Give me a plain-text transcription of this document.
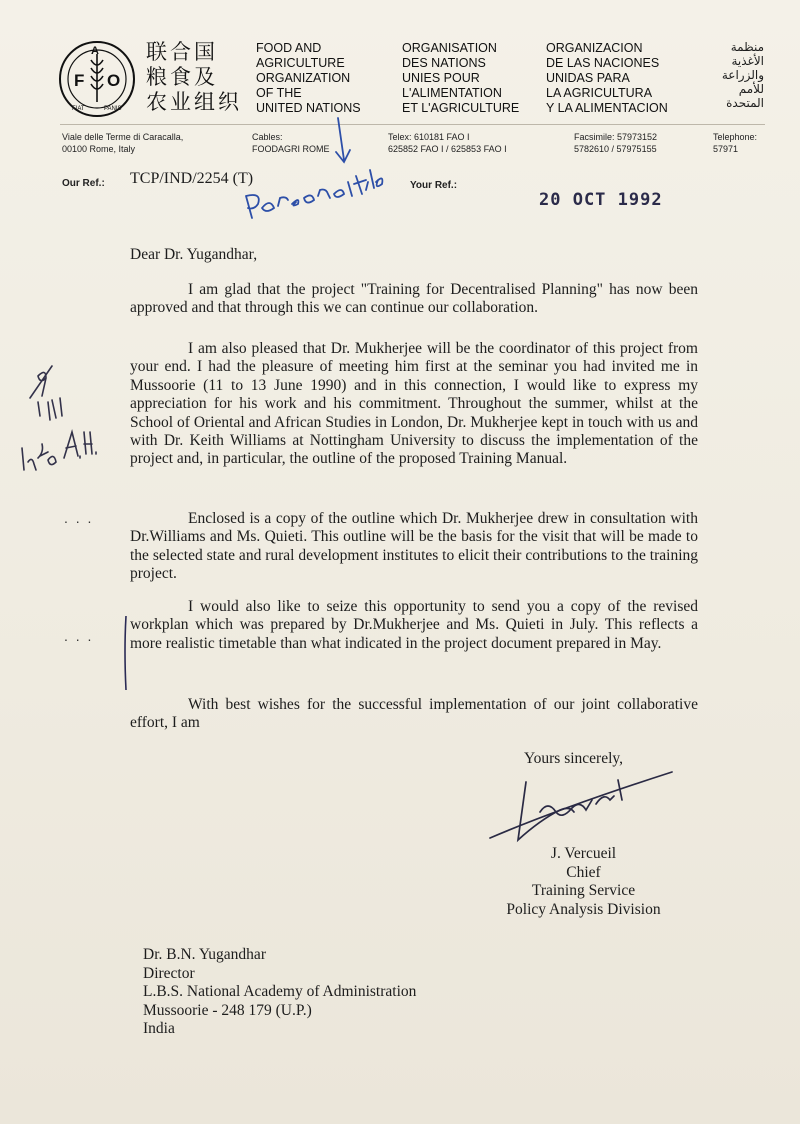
F O
A
FIAT	PANIS
联合国
粮食及
农业组织
FOOD AND
AGRICULTURE
ORGANIZATION
OF THE
UNITED NATIONS
ORGANISATION
DES NATIONS
UNIES POUR
L'ALIMENTATION
ET L'AGRICULTURE
ORGANIZACION
DE LAS NACIONES
UNIDAS PARA
LA AGRICULTURA
Y LA ALIMENTACION
منظمة
الأغذية
والزراعة
للأمم
المتحدة
Viale delle Terme di Caracalla,
00100 Rome, Italy
Cables:
FOODAGRI ROME
Telex: 610181 FAO I
625852 FAO I / 625853 FAO I
Facsimile: 57973152
5782610 / 57975155
Telephone:
57971
Our Ref.: TCP/IND/2254 (T)	Your Ref.:
20 OCT 1992
Dear Dr. Yugandhar,
I am glad that the project "Training for Decentralised Planning" has now been approved and that through this we can continue our collaboration.
I am also pleased that Dr. Mukherjee will be the coordinator of this project from your end. I had the pleasure of meeting him first at the seminar you had invited me in Mussoorie (11 to 13 June 1990) and in this connection, I would like to express my appreciation for his work and his commitment. Throughout the summer, whilst at the School of Oriental and African Studies in London, Dr. Mukherjee kept in touch with us and with Dr. Keith Williams at Nottingham University to discuss the implementation of the project and, in particular, the outline of the proposed Training Manual.
Enclosed is a copy of the outline which Dr. Mukherjee drew in consultation with Dr.Williams and Ms. Quieti. This outline will be the basis for the visit that will be made to the selected state and rural development institutes to elicit their contributions to the training project.
I would also like to seize this opportunity to send you a copy of the revised workplan which was prepared by Dr.Mukherjee and Ms. Quieti in July. This reflects a more realistic timetable than what indicated in the project document prepared in May.
With best wishes for the successful implementation of our joint collaborative effort, I am
. . .
. . .
Yours sincerely,
J. Vercueil
Chief
Training Service
Policy Analysis Division
Dr. B.N. Yugandhar
Director
L.B.S. National Academy of Administration
Mussoorie - 248 179 (U.P.)
India
